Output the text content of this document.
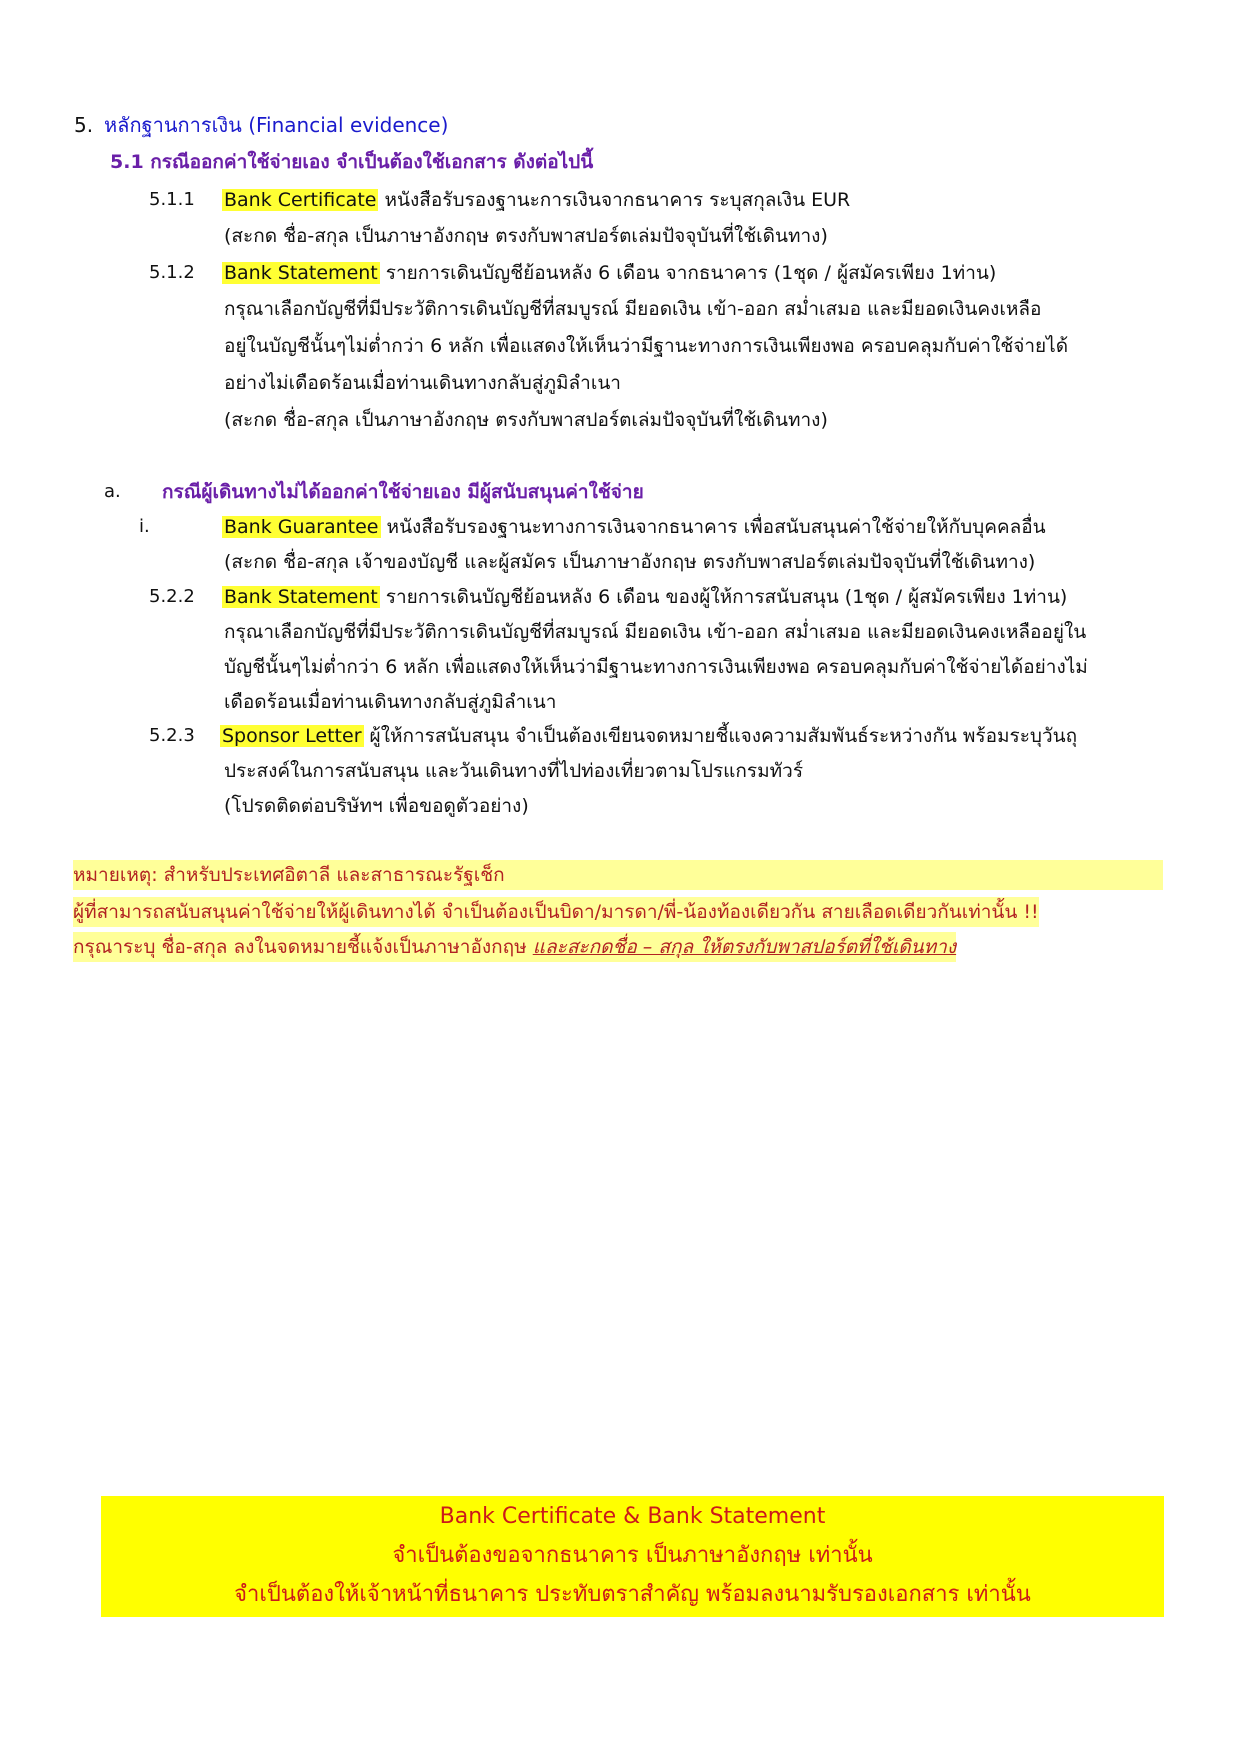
5. หลักฐานการเงิน (Financial evidence)
5.1 กรณีออกค่าใช้จ่ายเอง จำเป็นต้องใช้เอกสาร ดังต่อไปนี้
5.1.1 Bank Certificate หนังสือรับรองฐานะการเงินจากธนาคาร ระบุสกุลเงิน EUR
(สะกด ชื่อ-สกุล เป็นภาษาอังกฤษ ตรงกับพาสปอร์ตเล่มปัจจุบันที่ใช้เดินทาง)
5.1.2 Bank Statement รายการเดินบัญชีย้อนหลัง 6 เดือน จากธนาคาร (1ชุด / ผู้สมัครเพียง 1ท่าน)
กรุณาเลือกบัญชีที่มีประวัติการเดินบัญชีที่สมบูรณ์ มียอดเงิน เข้า-ออก สม่ำเสมอ และมียอดเงินคงเหลือ
อยู่ในบัญชีนั้นๆไม่ต่ำกว่า 6 หลัก เพื่อแสดงให้เห็นว่ามีฐานะทางการเงินเพียงพอ ครอบคลุมกับค่าใช้จ่ายได้
อย่างไม่เดือดร้อนเมื่อท่านเดินทางกลับสู่ภูมิลำเนา
(สะกด ชื่อ-สกุล เป็นภาษาอังกฤษ ตรงกับพาสปอร์ตเล่มปัจจุบันที่ใช้เดินทาง)
a. กรณีผู้เดินทางไม่ได้ออกค่าใช้จ่ายเอง มีผู้สนับสนุนค่าใช้จ่าย
i.	Bank Guarantee หนังสือรับรองฐานะทางการเงินจากธนาคาร เพื่อสนับสนุนค่าใช้จ่ายให้กับบุคคลอื่น
(สะกด ชื่อ-สกุล เจ้าของบัญชี และผู้สมัคร เป็นภาษาอังกฤษ ตรงกับพาสปอร์ตเล่มปัจจุบันที่ใช้เดินทาง)
5.2.2 Bank Statement รายการเดินบัญชีย้อนหลัง 6 เดือน ของผู้ให้การสนับสนุน (1ชุด / ผู้สมัครเพียง 1ท่าน)
กรุณาเลือกบัญชีที่มีประวัติการเดินบัญชีที่สมบูรณ์ มียอดเงิน เข้า-ออก สม่ำเสมอ และมียอดเงินคงเหลืออยู่ใน
บัญชีนั้นๆไม่ต่ำกว่า 6 หลัก เพื่อแสดงให้เห็นว่ามีฐานะทางการเงินเพียงพอ ครอบคลุมกับค่าใช้จ่ายได้อย่างไม่
เดือดร้อนเมื่อท่านเดินทางกลับสู่ภูมิลำเนา
5.2.3 Sponsor Letter ผู้ให้การสนับสนุน จำเป็นต้องเขียนจดหมายชี้แจงความสัมพันธ์ระหว่างกัน พร้อมระบุวันถุ
ประสงค์ในการสนับสนุน และวันเดินทางที่ไปท่องเที่ยวตามโปรแกรมทัวร์
(โปรดติดต่อบริษัทฯ เพื่อขอดูตัวอย่าง)
หมายเหตุ: สำหรับประเทศอิตาลี และสาธารณะรัฐเช็ก
ผู้ที่สามารถสนับสนุนค่าใช้จ่ายให้ผู้เดินทางได้ จำเป็นต้องเป็นบิดา/มารดา/พี่-น้องท้องเดียวกัน สายเลือดเดียวกันเท่านั้น !!
กรุณาระบุ ชื่อ-สกุล ลงในจดหมายชี้แจ้งเป็นภาษาอังกฤษ และสะกดชื่อ – สกุล ให้ตรงกับพาสปอร์ตที่ใช้เดินทาง
Bank Certificate & Bank Statement
จำเป็นต้องขอจากธนาคาร เป็นภาษาอังกฤษ เท่านั้น
จำเป็นต้องให้เจ้าหน้าที่ธนาคาร ประทับตราสำคัญ พร้อมลงนามรับรองเอกสาร เท่านั้น
